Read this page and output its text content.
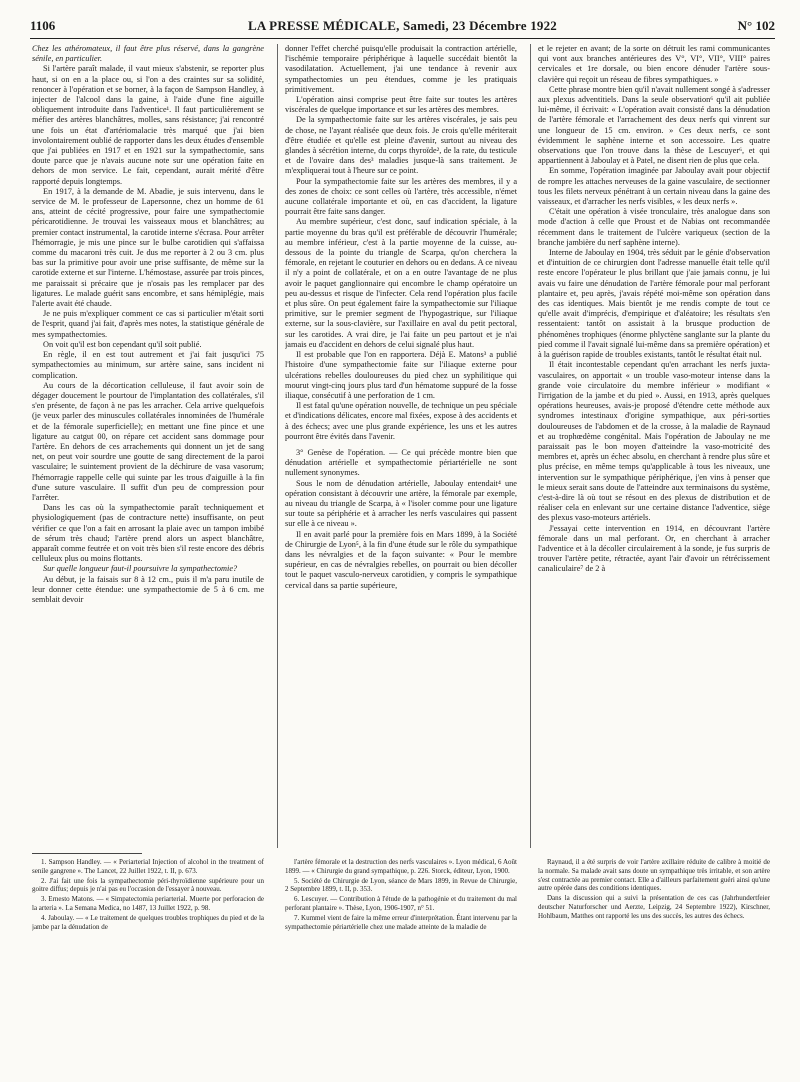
1106	LA PRESSE MÉDICALE, Samedi, 23 Décembre 1922	N° 102

Chez les athéromateux, il faut être plus réservé, dans la gangrène sénile, en particulier.

Si l'artère paraît malade, il vaut mieux s'abstenir, se reporter plus haut, si on en a la place ou, si l'on a des craintes sur sa solidité, renoncer à l'opération et se borner, à la façon de Sampson Handley, à injecter de l'alcool dans la gaine, à l'aide d'une fine aiguille obliquement introduite dans l'adventice¹. Il faut particulièrement se méfier des artères blanchâtres, molles, sans résistance; j'ai rencontré une fois un état d'artériomalacie très marqué que j'ai bien involontairement oublié de rapporter dans les deux études d'ensemble que j'ai publiées en 1917 et en 1921 sur la sympathectomie, sans doute parce que je n'avais aucune note sur une opération faite en dehors de mon service. Le fait, cependant, aurait mérité d'être rapporté depuis longtemps.

En 1917, à la demande de M. Abadie, je suis intervenu, dans le service de M. le professeur de Lapersonne, chez un homme de 61 ans, atteint de cécité progressive, pour faire une sympathectomie péricarotidienne. Je trouvai les vaisseaux mous et blanchâtres; au premier contact instrumental, la carotide interne s'écrasa. Pour arrêter l'hémorragie, je mis une pince sur le bulbe carotidien qui s'affaissa comme du macaroni très cuit. Je dus me reporter à 2 ou 3 cm. plus bas sur la primitive pour avoir une prise suffisante, de même sur la carotide externe et sur l'interne. L'hémostase, assurée par trois pinces, me paraissait si précaire que je n'osais pas les remplacer par des ligatures. Le malade guérit sans encombre, et sans hémiplégie, mais l'alerte avait été chaude.

Je ne puis m'expliquer comment ce cas si particulier m'était sorti de l'esprit, quand j'ai fait, d'après mes notes, la statistique générale de mes sympathectomies.

On voit qu'il est bon cependant qu'il soit publié.

En règle, il en est tout autrement et j'ai fait jusqu'ici 75 sympathectomies au minimum, sur artère saine, sans incident ni complication.

Au cours de la décortication celluleuse, il faut avoir soin de dégager doucement le pourtour de l'implantation des collatérales, s'il s'en présente, de façon à ne pas les arracher. Cela arrive quelquefois (je veux parler des minuscules collatérales innominées de l'humérale et de la fémorale superficielle); en mettant une fine pince et une ligature au catgut 00, on répare cet accident sans dommage pour l'artère. En dehors de ces arrachements qui donnent un jet de sang net, on peut voir sourdre une goutte de sang directement de la paroi vasculaire; le suintement provient de la déchirure de vasa vasorum; l'hémorragie rappelle celle qui suinte par les trous d'aiguille à la fin d'une suture vasculaire. Il suffit d'un peu de compression pour l'arrêter.

Dans les cas où la sympathectomie paraît techniquement et physiologiquement (pas de contracture nette) insuffisante, on peut vérifier ce que l'on a fait en arrosant la plaie avec un tampon imbibé de sérum très chaud; l'artère prend alors un aspect blanchâtre, apparaît comme feutrée et on voit très bien s'il reste encore des débris celluleux plus ou moins flottants.

Sur quelle longueur faut-il poursuivre la sympathectomie?

Au début, je la faisais sur 8 à 12 cm., puis il m'a paru inutile de leur donner cette étendue: une sympathectomie de 5 à 6 cm. me semblait devoir

donner l'effet cherché puisqu'elle produisait la contraction artérielle, l'ischémie temporaire périphérique à laquelle succédait bientôt la vasodilatation. Actuellement, j'ai une tendance à revenir aux sympathectomies un peu étendues, comme je les pratiquais primitivement.

L'opération ainsi comprise peut être faite sur toutes les artères viscérales de quelque importance et sur les artères des membres.

De la sympathectomie faite sur les artères viscérales, je sais peu de chose, ne l'ayant réalisée que deux fois. Je crois qu'elle mériterait d'être étudiée et qu'elle est pleine d'avenir, surtout au niveau des glandes à sécrétion interne, du corps thyroïde², de la rate, du testicule et de l'ovaire dans des³ maladies jusque-là sans traitement. Je m'expliquerai tout à l'heure sur ce point.

Pour la sympathectomie faite sur les artères des membres, il y a des zones de choix: ce sont celles où l'artère, très accessible, n'émet aucune collatérale importante et où, en cas d'accident, la ligature pourrait être faite sans danger.

Au membre supérieur, c'est donc, sauf indication spéciale, à la partie moyenne du bras qu'il est préférable de découvrir l'humérale; au membre inférieur, c'est à la partie moyenne de la cuisse, au-dessous de la pointe du triangle de Scarpa, qu'on cherchera la fémorale, en rejetant le couturier en dehors ou en dedans. A ce niveau il n'y a point de collatérale, et on a en outre l'avantage de ne plus avoir le paquet ganglionnaire qui encombre le champ opératoire un peu au-dessus et risque de l'infecter. Cela rend l'opération plus facile et plus sûre. On peut également faire la sympathectomie sur l'iliaque primitive, sur le premier segment de l'hypogastrique, sur l'iliaque externe, sur la sous-clavière, sur l'axillaire en aval du petit pectoral, sur les carotides. A vrai dire, je l'ai faite un peu partout et je n'ai jamais eu d'accident en dehors de celui signalé plus haut.

Il est probable que l'on en rapportera. Déjà E. Matons³ a publié l'histoire d'une sympathectomie faite sur l'iliaque externe pour ulcérations rebelles douloureuses du pied chez un syphilitique qui mourut vingt-cinq jours plus tard d'un hématome suppuré de la fosse iliaque, consécutif à une perforation de 1 cm.

Il est fatal qu'une opération nouvelle, de technique un peu spéciale et d'indications délicates, encore mal fixées, expose à des accidents et à des échecs; avec une plus grande expérience, les uns et les autres pourront être évités dans l'avenir.

3° Genèse de l'opération. — Ce qui précède montre bien que dénudation artérielle et sympathectomie périartérielle ne sont nullement synonymes.

Sous le nom de dénudation artérielle, Jaboulay entendait⁴ une opération consistant à découvrir une artère, la fémorale par exemple, au niveau du triangle de Scarpa, à « l'isoler comme pour une ligature sur toute sa périphérie et à arracher les nerfs vasculaires qui passent sur elle à ce niveau ».

Il en avait parlé pour la première fois en Mars 1899, à la Société de Chirurgie de Lyon⁵, à la fin d'une étude sur le rôle du sympathique dans les névralgies et de la façon suivante: « Pour le membre supérieur, en cas de névralgies rebelles, on pourrait ou bien décoller tout le paquet vasculo-nerveux carotidien, y compris le sympathique cervical dans sa partie supérieure,

et le rejeter en avant; de la sorte on détruit les rami communicantes qui vont aux branches antérieures des V°, VI°, VII°, VIII° paires cervicales et 1re dorsale, ou bien encore dénuder l'artère sous-clavière qui reçoit un réseau de fibres sympathiques. »

Cette phrase montre bien qu'il n'avait nullement songé à s'adresser aux plexus adventitiels. Dans la seule observation⁶ qu'il ait publiée lui-même, il écrivait: « L'opération avait consisté dans la dénudation de l'artère fémorale et l'arrachement des deux nerfs qui vinrent sur une longueur de 15 cm. environ. » Ces deux nerfs, ce sont évidemment le saphène interne et son accessoire. Les quatre observations que l'on trouve dans la thèse de Lescuyer⁶, et qui appartiennent à Jaboulay et à Patel, ne disent rien de plus que cela.

En somme, l'opération imaginée par Jaboulay avait pour objectif de rompre les attaches nerveuses de la gaine vasculaire, de sectionner tous les filets nerveux pénétrant à un certain niveau dans la gaine des vaisseaux, et d'arracher les nerfs visibles, « les deux nerfs ».

C'était une opération à visée tronculaire, très analogue dans son mode d'action à celle que Proust et de Nabias ont recommandée récemment dans le traitement de l'ulcère variqueux (section de la branche jambière du nerf saphène interne).

Interne de Jaboulay en 1904, très séduit par le génie d'observation et d'intuition de ce chirurgien dont l'adresse manuelle était telle qu'il reste encore l'opérateur le plus brillant que j'aie jamais connu, je lui avais vu faire une dénudation de l'artère fémorale pour mal perforant plantaire et, peu après, j'avais répété moi-même son opération dans des cas identiques. Mais bientôt je me rendis compte de tout ce qu'elle avait d'imprécis, d'empirique et d'aléatoire; les résultats s'en ressentaient: tantôt on assistait à la brusque production de phénomènes trophiques (énorme phlyctène sanglante sur la plante du pied comme il l'avait signalé lui-même dans sa première opération) et à la guérison rapide de troubles existants, tantôt le résultat était nul.

Il était incontestable cependant qu'en arrachant les nerfs juxta-vasculaires, on apportait « un trouble vaso-moteur intense dans la grande voie circulatoire du membre inférieur » modifiant « l'irrigation de la jambe et du pied ». Aussi, en 1913, après quelques opérations heureuses, avais-je proposé d'étendre cette méthode aux syndromes intestinaux d'origine sympathique, aux péri-sorties douloureuses de l'abdomen et de la crosse, à la maladie de Raynaud et au trophœdème congénital. Mais l'opération de Jaboulay ne me paraissait pas le bon moyen d'atteindre la vaso-motricité des membres et, après un échec absolu, en cherchant à rendre plus sûre et plus précise, en même temps qu'applicable à tous les niveaux, une intervention sur le sympathique périphérique, j'en vins à penser que le mieux serait sans doute de l'atteindre aux terminaisons du système, c'est-à-dire là où tout se résout en des plexus de distribution et de réaliser cela en enlevant sur une certaine distance l'adventice, siège des plexus vaso-moteurs artériels.

J'essayai cette intervention en 1914, en découvrant l'artère fémorale dans un mal perforant. Or, en cherchant à arracher l'adventice et à la décoller circulairement à la sonde, je fus surpris de trouver l'artère petite, rétractée, ayant l'air d'avoir un rétrécissement canaliculaire⁷ de 2 à

1. Sampson Handley. — « Periarterial Injection of alcohol in the treatment of senile gangrene ». The Lancet, 22 Juillet 1922, t. II, p. 673.

2. J'ai fait une fois la sympathectomie péri-thyroïdienne supérieure pour un goitre diffus; depuis je n'ai pas eu l'occasion de l'essayer à nouveau.

3. Ernesto Matons. — « Simpatectomia periarterial. Muerte por perforacion de la arteria ». La Semana Medica, no 1487, 13 Juillet 1922, p. 98.

4. Jaboulay. — « Le traitement de quelques troubles trophiques du pied et de la jambe par la dénudation de

l'artère fémorale et la destruction des nerfs vasculaires ». Lyon médical, 6 Août 1899. — « Chirurgie du grand sympathique, p. 226. Storck, éditeur, Lyon, 1900.

5. Société de Chirurgie de Lyon, séance de Mars 1899, in Revue de Chirurgie, 2 Septembre 1899, t. II, p. 353.

6. Lescuyer. — Contribution à l'étude de la pathogénie et du traitement du mal perforant plantaire ». Thèse, Lyon, 1906-1907, n° 51.

7. Kummel vient de faire la même erreur d'interprétation. Étant intervenu par la sympathectomie périartérielle chez une malade atteinte de la maladie de

Raynaud, il a été surpris de voir l'artère axillaire réduite de calibre à moitié de la normale. Sa malade avait sans doute un sympathique très irritable, et son artère s'est contractée au premier contact. Elle a d'ailleurs parfaitement guéri ainsi qu'une autre opérée dans des conditions identiques.

Dans la discussion qui a suivi la présentation de ces cas (Jahrhundertfeier deutscher Naturforscher und Aerzte, Leipzig, 24 Septembre 1922), Kirschner, Hohlbaum, Matthes ont rapporté les uns des succès, les autres des échecs.
